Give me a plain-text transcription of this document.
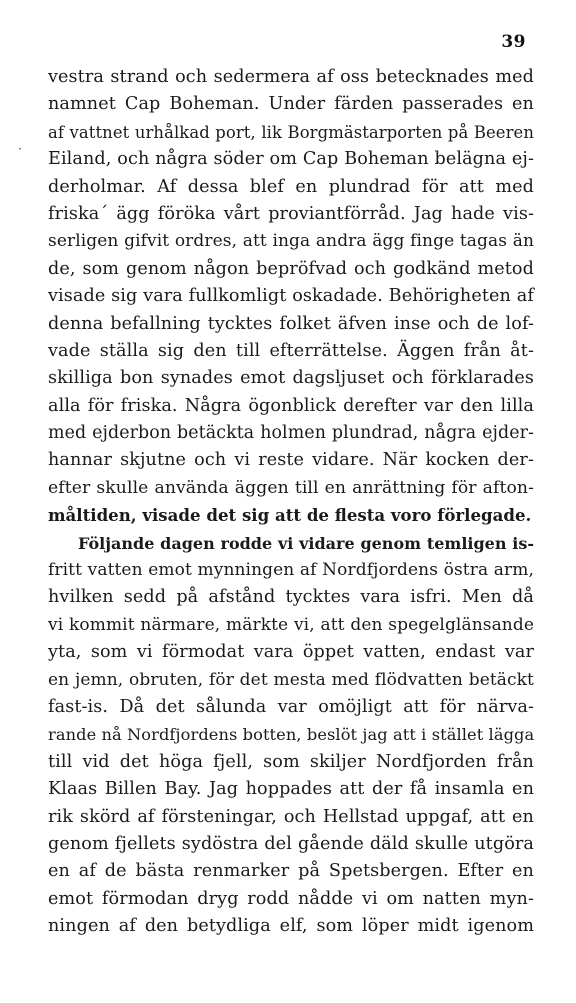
39
·
vestra strand och sedermera af oss betecknades med
namnet Cap Boheman. Under färden passerades en
af vattnet urhålkad port, lik Borgmästarporten på Beeren
Eiland, och några söder om Cap Boheman belägna ej-
derholmar. Af dessa blef en plundrad för att med
friska´ ägg föröka vårt proviantförråd. Jag hade vis-
serligen gifvit ordres, att inga andra ägg finge tagas än
de, som genom någon bepröfvad och godkänd metod
visade sig vara fullkomligt oskadade. Behörigheten af
denna befallning tycktes folket äfven inse och de lof-
vade ställa sig den till efterrättelse. Äggen från åt-
skilliga bon synades emot dagsljuset och förklarades
alla för friska. Några ögonblick derefter var den lilla
med ejderbon betäckta holmen plundrad, några ejder-
hannar skjutne och vi reste vidare. När kocken der-
efter skulle använda äggen till en anrättning för afton-
måltiden, visade det sig att de flesta voro förlegade.
Följande dagen rodde vi vidare genom temligen is-
fritt vatten emot mynningen af Nordfjordens östra arm,
hvilken sedd på afstånd tycktes vara isfri. Men då
vi kommit närmare, märkte vi, att den spegelglänsande
yta, som vi förmodat vara öppet vatten, endast var
en jemn, obruten, för det mesta med flödvatten betäckt
fast-is. Då det sålunda var omöjligt att för närva-
rande nå Nordfjordens botten, beslöt jag att i stället lägga
till vid det höga fjell, som skiljer Nordfjorden från
Klaas Billen Bay. Jag hoppades att der få insamla en
rik skörd af försteningar, och Hellstad uppgaf, att en
genom fjellets sydöstra del gående däld skulle utgöra
en af de bästa renmarker på Spetsbergen. Efter en
emot förmodan dryg rodd nådde vi om natten myn-
ningen af den betydliga elf, som löper midt igenom
